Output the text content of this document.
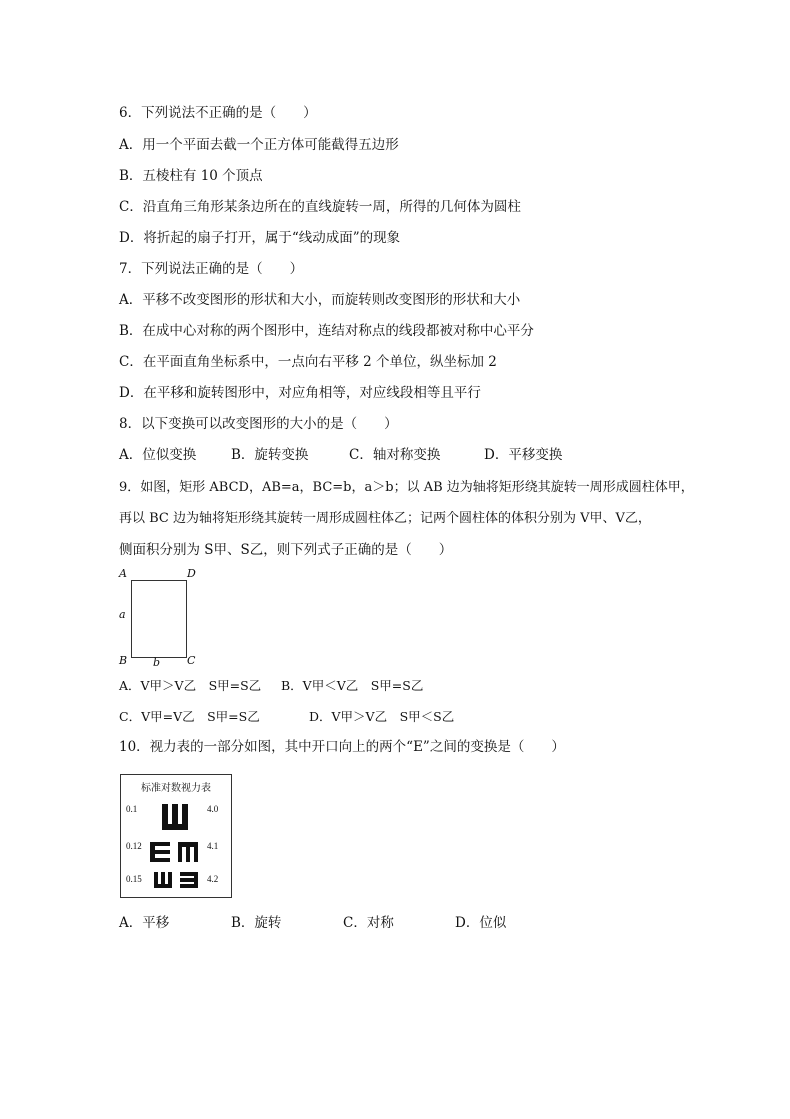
6．下列说法不正确的是（　　）
A．用一个平面去截一个正方体可能截得五边形
B．五棱柱有 10 个顶点
C．沿直角三角形某条边所在的直线旋转一周，所得的几何体为圆柱
D．将折起的扇子打开，属于“线动成面”的现象
7．下列说法正确的是（　　）
A．平移不改变图形的形状和大小，而旋转则改变图形的形状和大小
B．在成中心对称的两个图形中，连结对称点的线段都被对称中心平分
C．在平面直角坐标系中，一点向右平移 2 个单位，纵坐标加 2
D．在平移和旋转图形中，对应角相等，对应线段相等且平行
8．以下变换可以改变图形的大小的是（　　）
A．位似变换	B．旋转变换	C．轴对称变换	D．平移变换
9．如图，矩形 ABCD，AB=a，BC=b，a＞b；以 AB 边为轴将矩形绕其旋转一周形成圆柱体甲，
再以 BC 边为轴将矩形绕其旋转一周形成圆柱体乙；记两个圆柱体的体积分别为 V甲、V乙，
侧面积分别为 S甲、S乙，则下列式子正确的是（　　）
A	D
a
B b C
A．V甲＞V乙　S甲=S乙 B．V甲＜V乙　S甲=S乙
C．V甲=V乙　S甲=S乙	D．V甲＞V乙　S甲＜S乙
10．视力表的一部分如图，其中开口向上的两个“E”之间的变换是（　　）
标准对数视力表
0.1
0.12
0.15
4.0
4.1
4.2
A．平移	B．旋转	C．对称	D．位似
